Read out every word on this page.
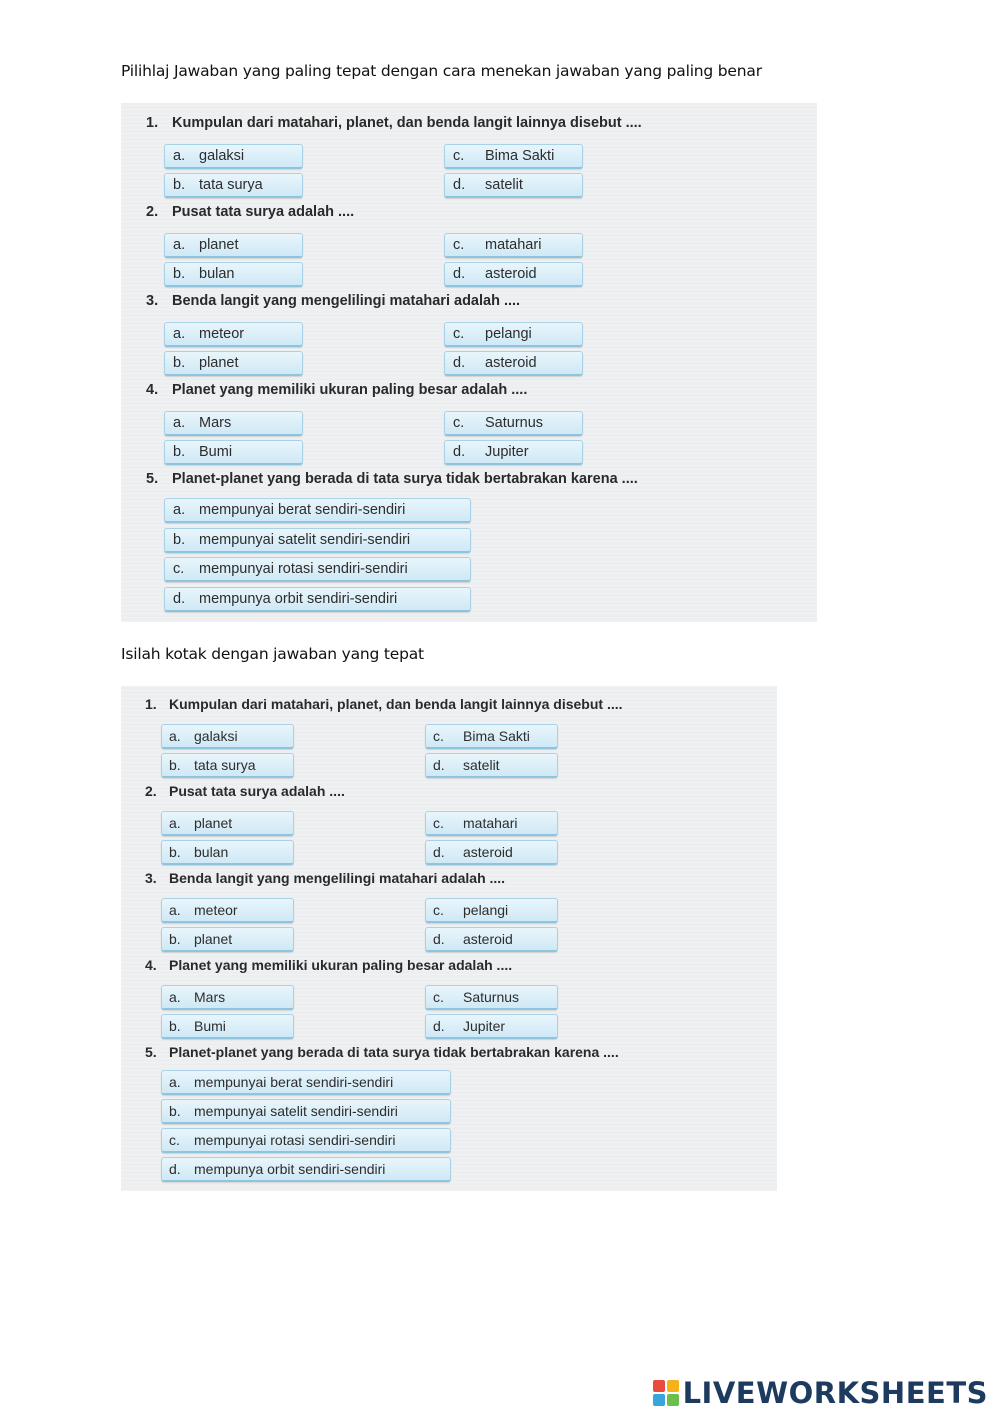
Pilihlaj Jawaban yang paling tepat dengan cara menekan jawaban yang paling benar
1. Kumpulan dari matahari, planet, dan benda langit lainnya disebut ....
a. galaksi
b. tata surya
c.	Bima Sakti
d.	satelit
2. Pusat tata surya adalah ....
a. planet
b. bulan
c.	matahari
d.	asteroid
3. Benda langit yang mengelilingi matahari adalah ....
a. meteor
b. planet
c.	pelangi
d.	asteroid
4. Planet yang memiliki ukuran paling besar adalah ....
a. Mars
b. Bumi
c.	Saturnus
d.	Jupiter
5. Planet-planet yang berada di tata surya tidak bertabrakan karena ....
a. mempunyai berat sendiri-sendiri
b. mempunyai satelit sendiri-sendiri
c.	mempunyai rotasi sendiri-sendiri
d. mempunya orbit sendiri-sendiri
Isilah kotak dengan jawaban yang tepat
1. Kumpulan dari matahari, planet, dan benda langit lainnya disebut ....
a. galaksi
b. tata surya
c.	Bima Sakti
d.	satelit
2. Pusat tata surya adalah ....
a. planet
b. bulan
c.	matahari
d.	asteroid
3. Benda langit yang mengelilingi matahari adalah ....
a. meteor
b. planet
c.	pelangi
d.	asteroid
4. Planet yang memiliki ukuran paling besar adalah ....
a. Mars
b. Bumi
c.	Saturnus
d.	Jupiter
5. Planet-planet yang berada di tata surya tidak bertabrakan karena ....
a. mempunyai berat sendiri-sendiri
b. mempunyai satelit sendiri-sendiri
c.	mempunyai rotasi sendiri-sendiri
d. mempunya orbit sendiri-sendiri
LIVEWORKSHEETS
